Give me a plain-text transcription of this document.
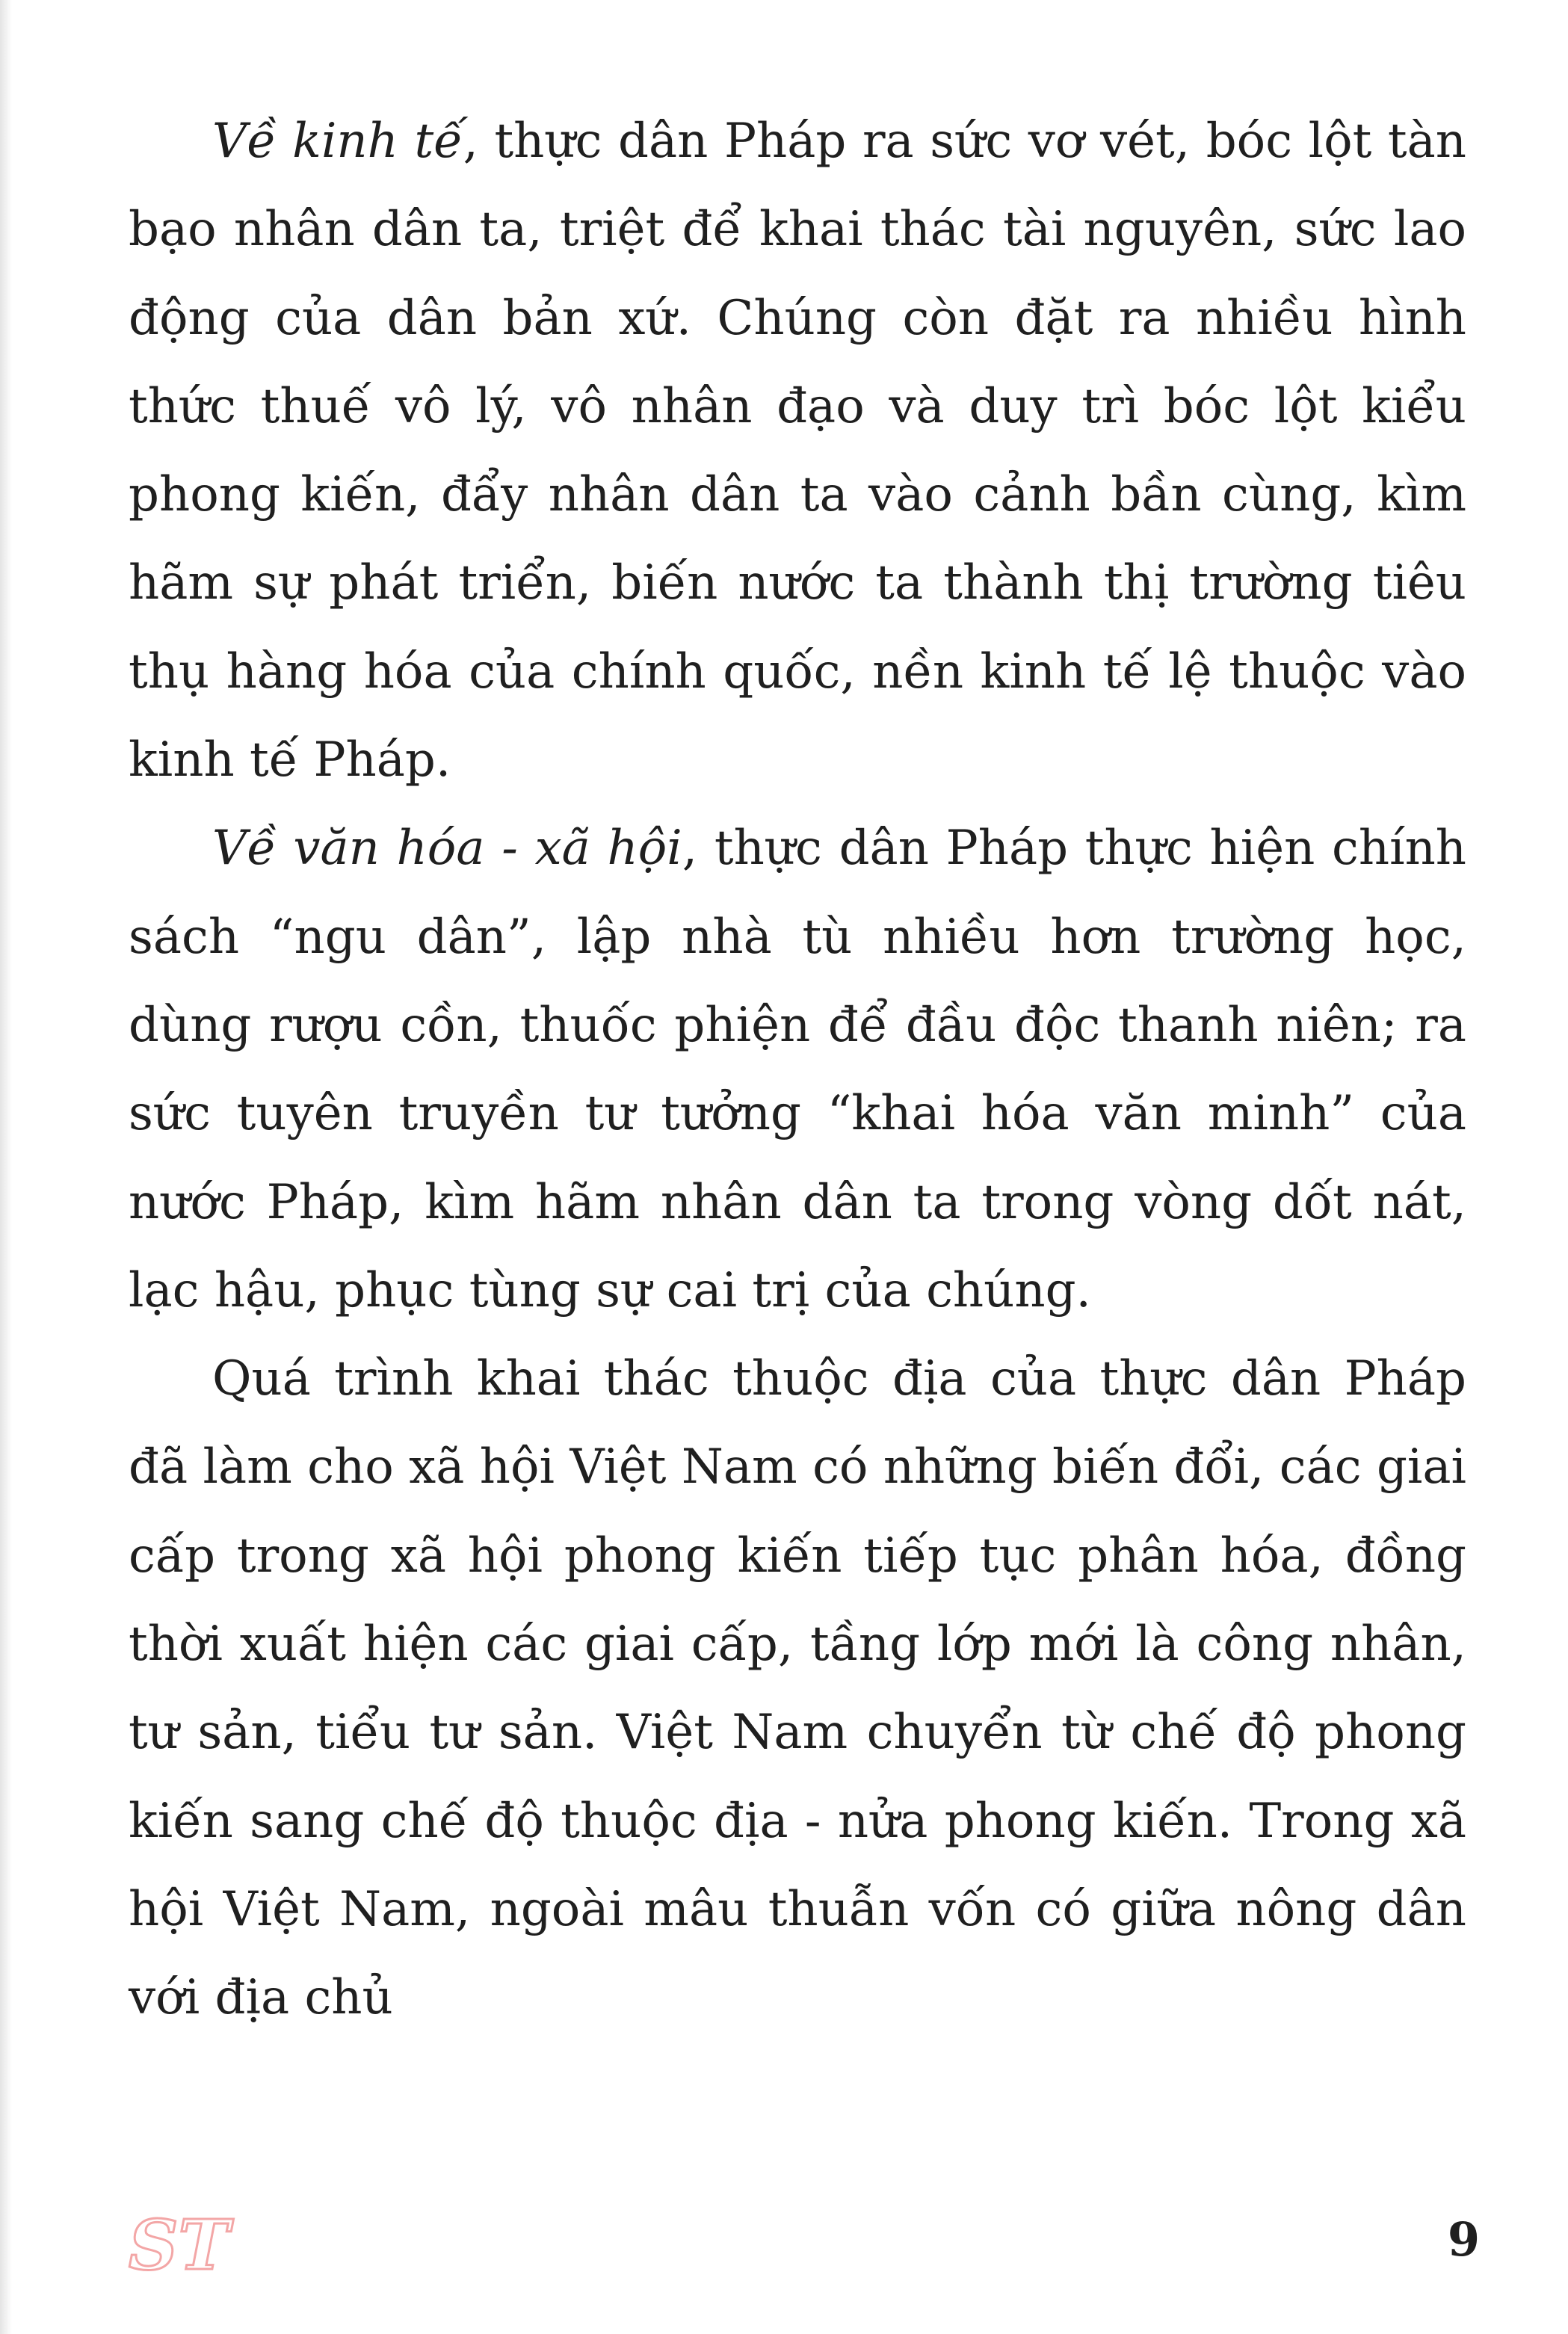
Về kinh tế, thực dân Pháp ra sức vơ vét, bóc lột tàn bạo nhân dân ta, triệt để khai thác tài nguyên, sức lao động của dân bản xứ. Chúng còn đặt ra nhiều hình thức thuế vô lý, vô nhân đạo và duy trì bóc lột kiểu phong kiến, đẩy nhân dân ta vào cảnh bần cùng, kìm hãm sự phát triển, biến nước ta thành thị trường tiêu thụ hàng hóa của chính quốc, nền kinh tế lệ thuộc vào kinh tế Pháp.

Về văn hóa - xã hội, thực dân Pháp thực hiện chính sách “ngu dân”, lập nhà tù nhiều hơn trường học, dùng rượu cồn, thuốc phiện để đầu độc thanh niên; ra sức tuyên truyền tư tưởng “khai hóa văn minh” của nước Pháp, kìm hãm nhân dân ta trong vòng dốt nát, lạc hậu, phục tùng sự cai trị của chúng.

Quá trình khai thác thuộc địa của thực dân Pháp đã làm cho xã hội Việt Nam có những biến đổi, các giai cấp trong xã hội phong kiến tiếp tục phân hóa, đồng thời xuất hiện các giai cấp, tầng lớp mới là công nhân, tư sản, tiểu tư sản. Việt Nam chuyển từ chế độ phong kiến sang chế độ thuộc địa - nửa phong kiến. Trong xã hội Việt Nam, ngoài mâu thuẫn vốn có giữa nông dân với địa chủ

ST	9
